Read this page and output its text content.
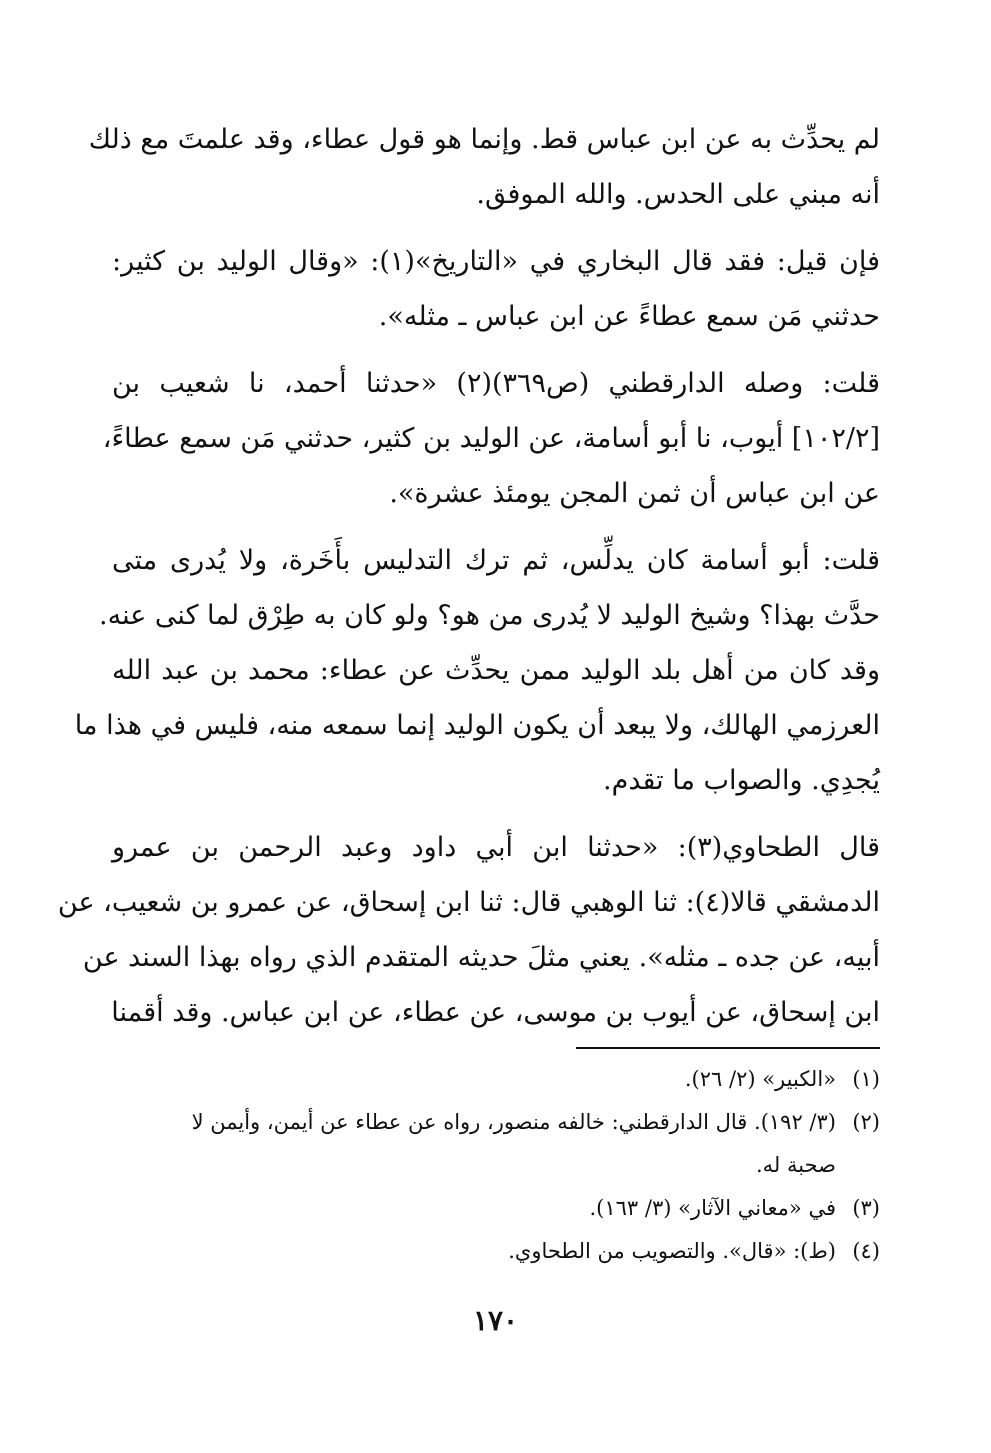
لم يحدِّث به عن ابن عباس قط. وإنما هو قول عطاء، وقد علمتَ مع ذلك
أنه مبني على الحدس. والله الموفق.

فإن قيل: فقد قال البخاري في «التاريخ»(١): «وقال الوليد بن كثير:
حدثني مَن سمع عطاءً عن ابن عباس ـ مثله».

قلت: وصله الدارقطني (ص٣٦٩)(٢) «حدثنا أحمد، نا شعيب بن
[١٠٢/٢] أيوب، نا أبو أسامة، عن الوليد بن كثير، حدثني مَن سمع عطاءً،
عن ابن عباس أن ثمن المجن يومئذ عشرة».

قلت: أبو أسامة كان يدلِّس، ثم ترك التدليس بأَخَرة، ولا يُدرى متى
حدَّث بهذا؟ وشيخ الوليد لا يُدرى من هو؟ ولو كان به طِرْق لما كنى عنه.
وقد كان من أهل بلد الوليد ممن يحدِّث عن عطاء: محمد بن عبد الله
العرزمي الهالك، ولا يبعد أن يكون الوليد إنما سمعه منه، فليس في هذا ما
يُجدِي. والصواب ما تقدم.

قال الطحاوي(٣): «حدثنا ابن أبي داود وعبد الرحمن بن عمرو
الدمشقي قالا(٤): ثنا الوهبي قال: ثنا ابن إسحاق، عن عمرو بن شعيب، عن
أبيه، عن جده ـ مثله». يعني مثلَ حديثه المتقدم الذي رواه بهذا السند عن
ابن إسحاق، عن أيوب بن موسى، عن عطاء، عن ابن عباس. وقد أقمنا

(١)«الكبير» (٢/ ٢٦).
(٢)(٣/ ١٩٢). قال الدارقطني: خالفه منصور، رواه عن عطاء عن أيمن، وأيمن لا
صحبة له.
(٣)في «معاني الآثار» (٣/ ١٦٣).
(٤)(ط): «قال». والتصويب من الطحاوي.
١٧٠
